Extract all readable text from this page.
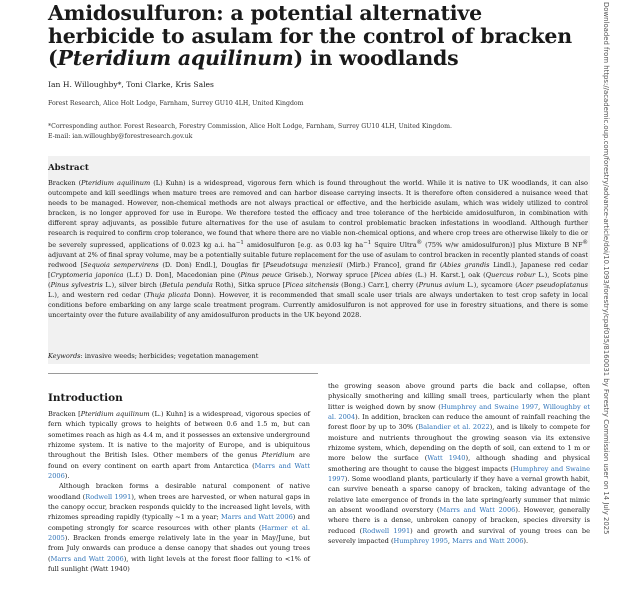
Amidosulfuron: a potential alternative herbicide to asulam for the control of bracken (Pteridium aquilinum) in woodlands
Ian H. Willoughby*, Toni Clarke, Kris Sales
Forest Research, Alice Holt Lodge, Farnham, Surrey GU10 4LH, United Kingdom
*Corresponding author. Forest Research, Forestry Commission, Alice Holt Lodge, Farnham, Surrey GU10 4LH, United Kingdom.
E-mail: ian.willoughby@forestresearch.gov.uk
Abstract

Bracken (Pteridium aquilinum (L) Kuhn) is a widespread, vigorous fern which is found throughout the world. While it is native to UK woodlands, it can also outcompete and kill seedlings when mature trees are removed and can harbor disease carrying insects. It is therefore often considered a nuisance weed that needs to be managed. However, non-chemical methods are not always practical or effective, and the herbicide asulam, which was widely utilized to control bracken, is no longer approved for use in Europe. We therefore tested the efficacy and tree tolerance of the herbicide amidosulfuron, in combination with different spray adjuvants, as possible future alternatives for the use of asulam to control problematic bracken infestations in woodland. Although further research is required to confirm crop tolerance, we found that where there are no viable non-chemical options, and where crop trees are otherwise likely to die or be severely supressed, applications of 0.023 kg a.i. $ha^{-1}$ amidosulfuron [e.g. as 0.03 kg $ha^{-1}$ Squire Ultra® (75% w/w amidosulfuron)] plus Mixture B NF® adjuvant at 2% of final spray volume, may be a potentially suitable future replacement for the use of asulam to control bracken in recently planted stands of coast redwood [Sequoia sempervirens (D. Don) Endl.], Douglas fir [Pseudotsuga menziesii (Mirb.) Franco], grand fir (Abies grandis Lindl.), Japanese red cedar [Cryptomeria japonica (L.f.) D. Don], Macedonian pine (Pinus peuce Griseb.), Norway spruce [Picea abies (L.) H. Karst.], oak (Quercus robur L.), Scots pine (Pinus sylvestris L.), silver birch (Betula pendula Roth), Sitka spruce [Picea sitchensis (Bong.) Carr.], cherry (Prunus avium L.), sycamore (Acer pseudoplatanus L.), and western red cedar (Thuja plicata Donn). However, it is recommended that small scale user trials are always undertaken to test crop safety in local conditions before embarking on any large scale treatment program. Currently amidosulfuron is not approved for use in forestry situations, and there is some uncertainty over the future availability of any amidosulfuron products in the UK beyond 2028.

Keywords: invasive weeds; herbicides; vegetation management
Introduction

Bracken [Pteridium aquilinum (L.) Kuhn] is a widespread, vigorous species of fern which typically grows to heights of between 0.6 and 1.5 m, but can sometimes reach as high as 4.4 m, and it possesses an extensive underground rhizome system. It is native to the majority of Europe, and is ubiquitous throughout the British Isles. Other members of the genus Pteridium are found on every continent on earth apart from Antarctica (Marrs and Watt 2006).

Although bracken forms a desirable natural component of native woodland (Rodwell 1991), when trees are harvested, or when natural gaps in the canopy occur, bracken responds quickly to the increased light levels, with rhizomes spreading rapidly (typically ~1 m a year; Marrs and Watt 2006) and competing strongly for scarce resources with other plants (Harmer et al. 2005). Bracken fronds emerge relatively late in the year in May/June, but from July onwards can produce a dense canopy that shades out young trees (Marrs and Watt 2006), with light levels at the forest floor falling to <1% of full sunlight (Watt 1940)

the growing season above ground parts die back and collapse, often physically smothering and killing small trees, particularly when the plant litter is weighed down by snow (Humphrey and Swaine 1997, Willoughby et al. 2004). In addition, bracken can reduce the amount of rainfall reaching the forest floor by up to 30% (Balandier et al. 2022), and is likely to compete for moisture and nutrients throughout the growing season via its extensive rhizome system, which, depending on the depth of soil, can extend to 1 m or more below the surface (Watt 1940), although shading and physical smothering are thought to cause the biggest impacts (Humphrey and Swaine 1997). Some woodland plants, particularly if they have a vernal growth habit, can survive beneath a sparse canopy of bracken, taking advantage of the relative late emergence of fronds in the late spring/early summer that mimic an absent woodland overstory (Marrs and Watt 2006). However, generally where there is a dense, unbroken canopy of bracken, species diversity is reduced (Rodwell 1991) and growth and survival of young trees can be severely impacted (Humphrey 1995, Marrs and Watt 2006).

Downloaded from https://academic.oup.com/forestry/advance-article/doi/10.1093/forestry/cpaf035/8160031 by Forestry Commission user on 14 July 2025
